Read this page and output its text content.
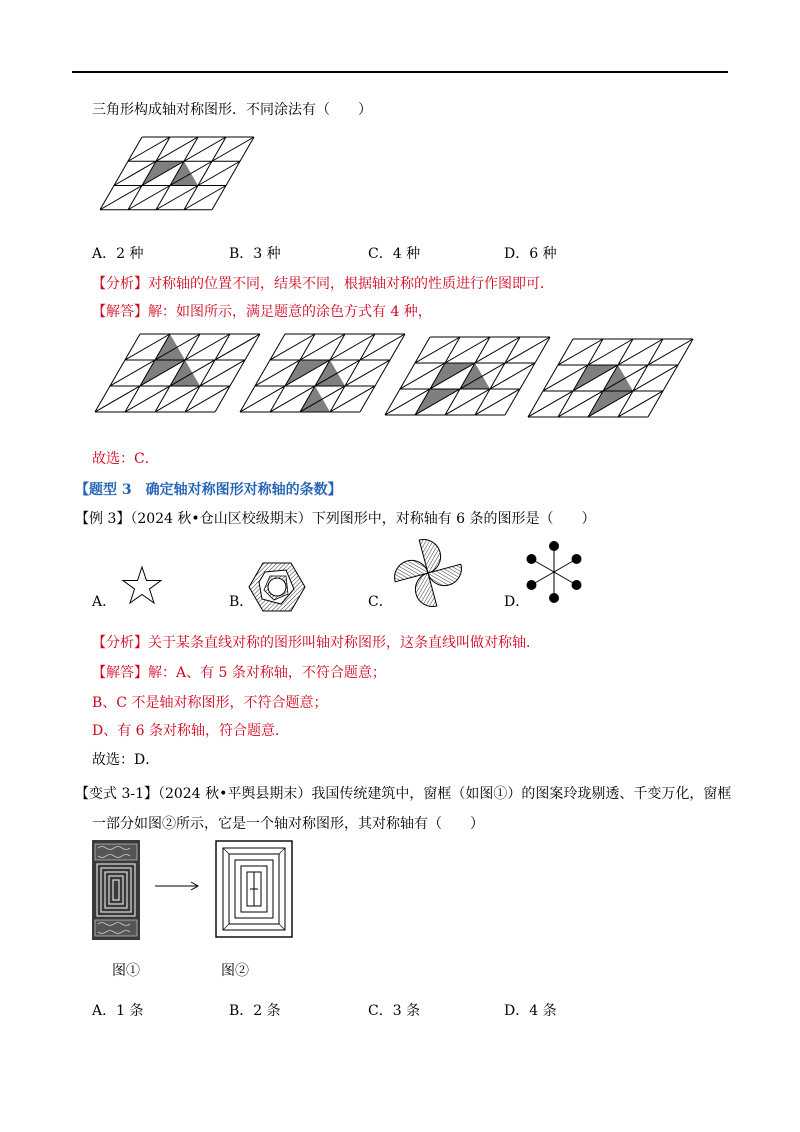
三角形构成轴对称图形．不同涂法有（　　）
A．2 种	B．3 种	C．4 种	D．6 种
【分析】对称轴的位置不同，结果不同，根据轴对称的性质进行作图即可．
【解答】解：如图所示，满足题意的涂色方式有 4 种，
故选：C．
【题型 3　确定轴对称图形对称轴的条数】
【例 3】（2024 秋•仓山区校级期末）下列图形中，对称轴有 6 条的图形是（　　）
A．	B．	C．	D．
【分析】关于某条直线对称的图形叫轴对称图形，这条直线叫做对称轴．
【解答】解：A、有 5 条对称轴，不符合题意；
B、C 不是轴对称图形，不符合题意；
D、有 6 条对称轴，符合题意．
故选：D．
【变式 3-1】（2024 秋•平舆县期末）我国传统建筑中，窗框（如图①）的图案玲珑剔透、千变万化，窗框
一部分如图②所示，它是一个轴对称图形，其对称轴有（　　）
图①	图②
A．1 条	B．2 条	C．3 条	D．4 条
